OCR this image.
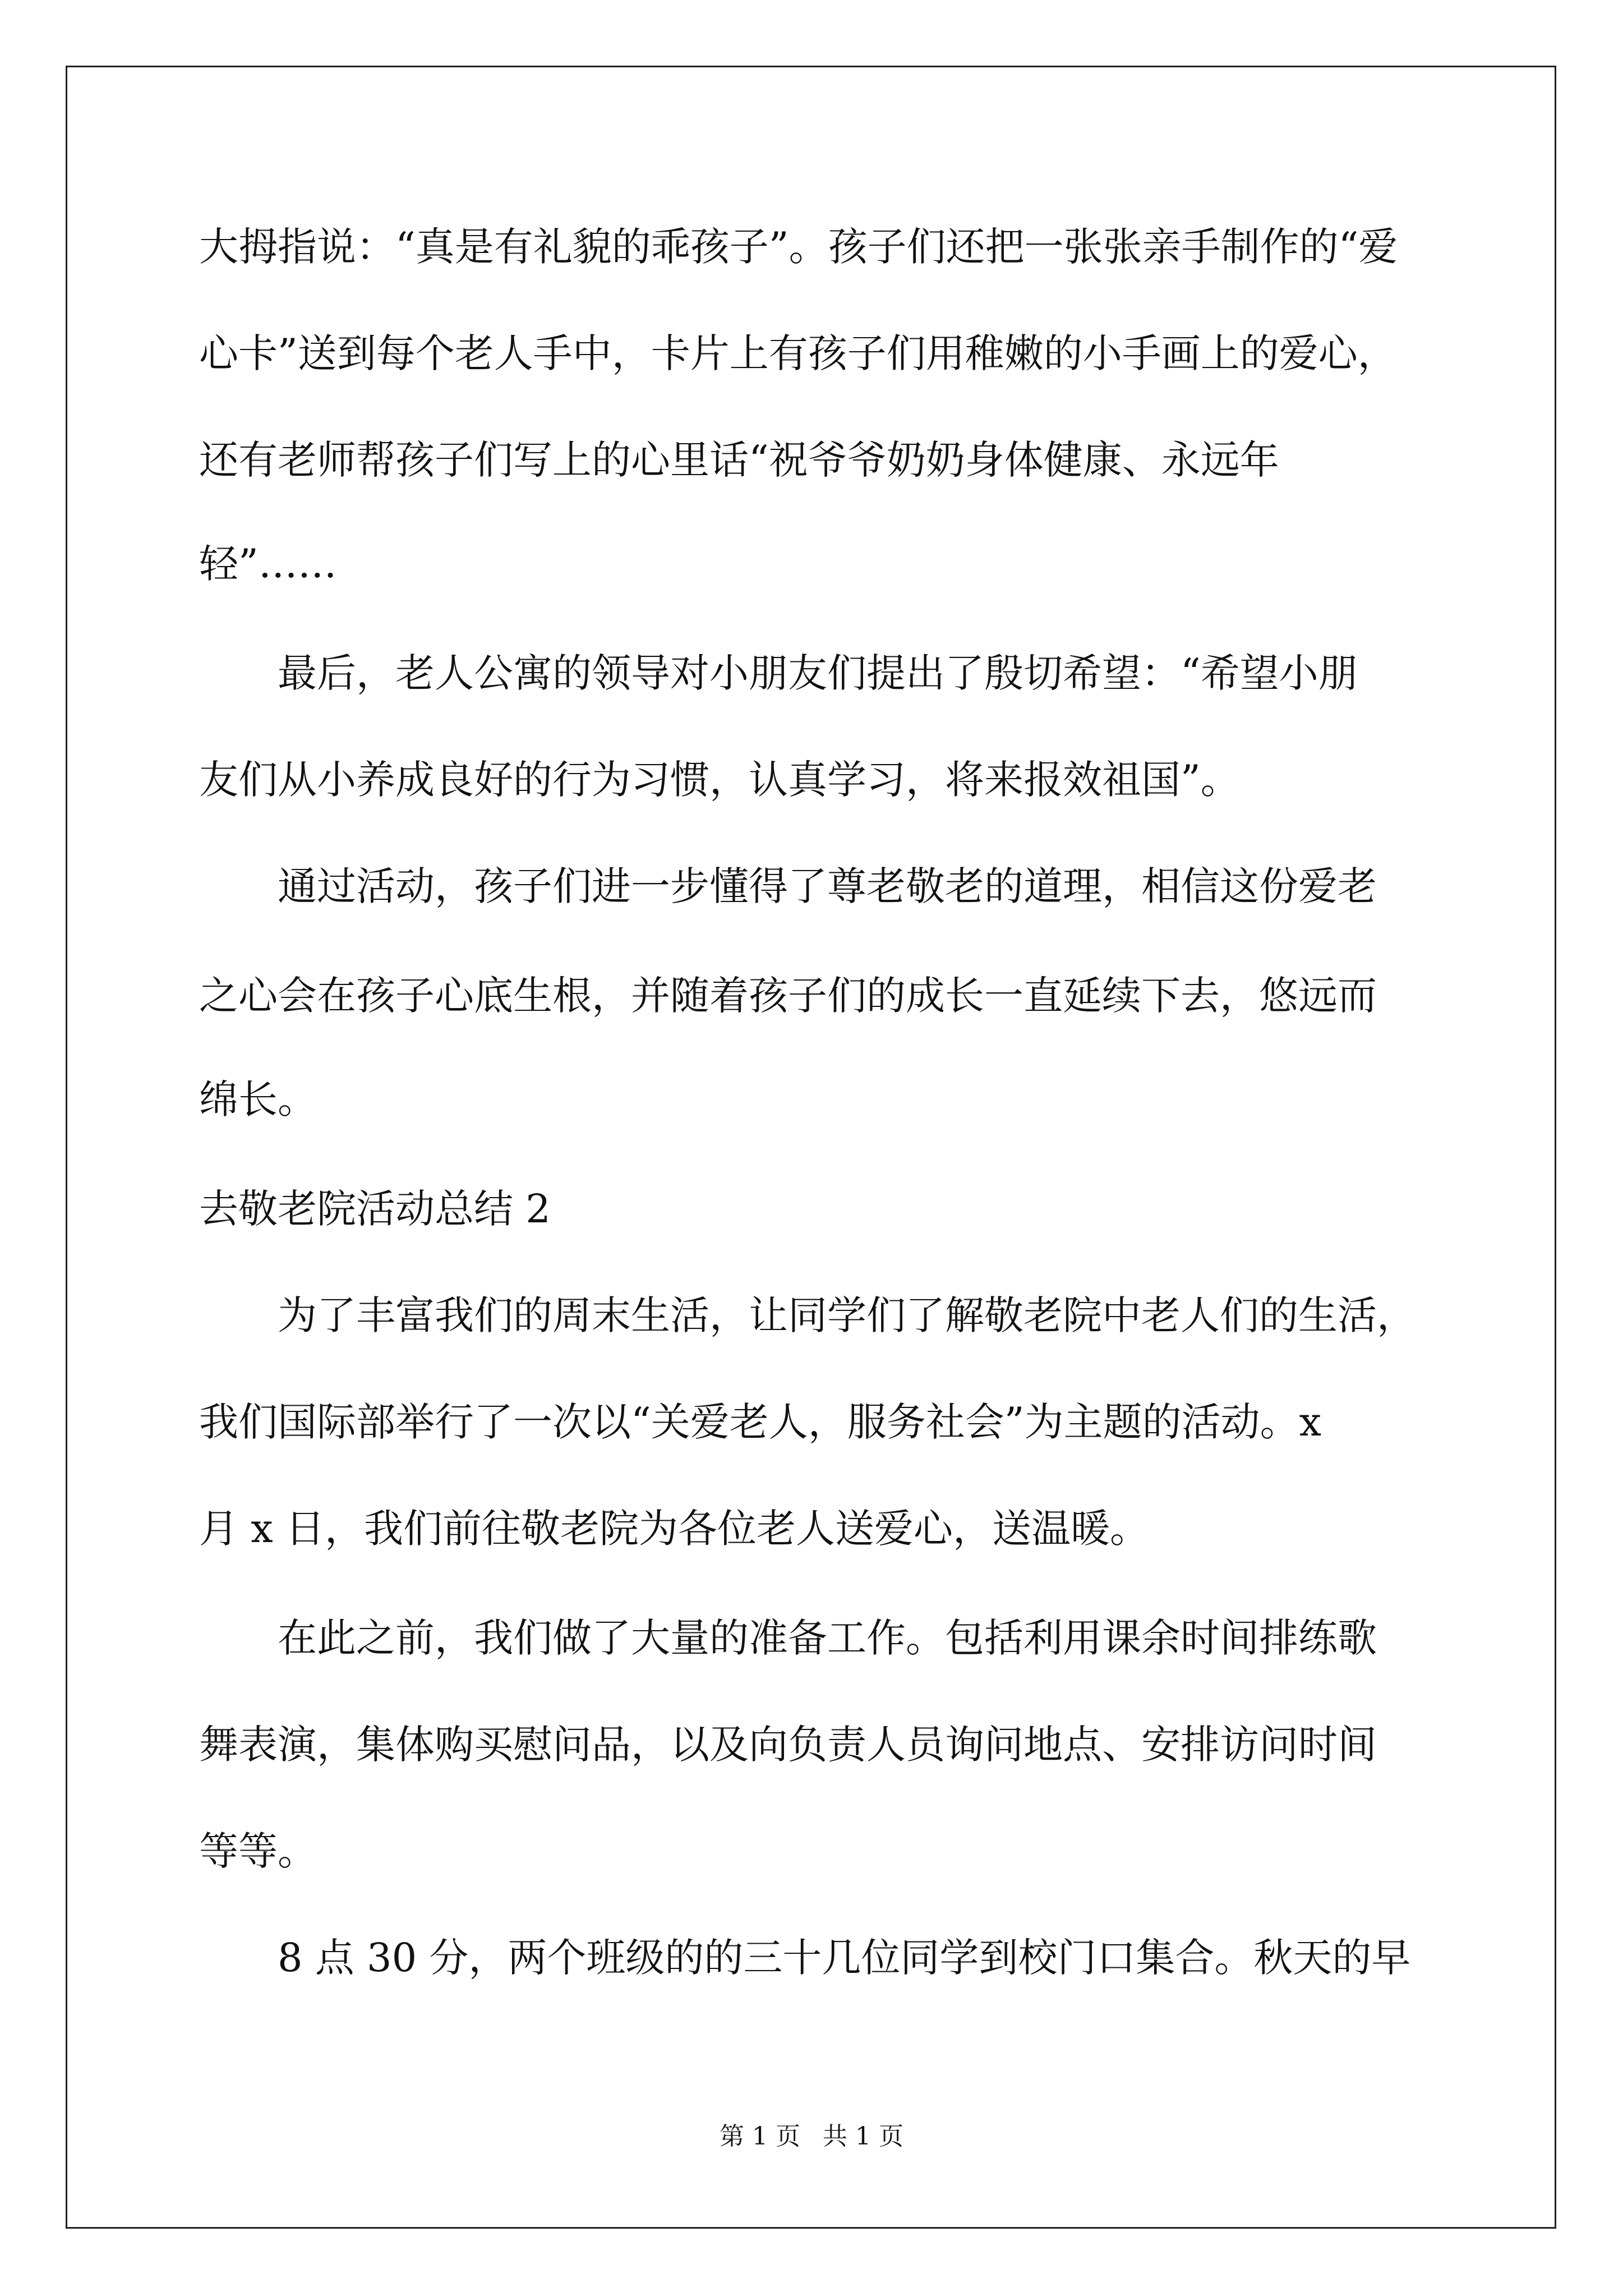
大拇指说：“真是有礼貌的乖孩子”。孩子们还把一张张亲手制作的“爱
心卡”送到每个老人手中，卡片上有孩子们用稚嫩的小手画上的爱心，
还有老师帮孩子们写上的心里话“祝爷爷奶奶身体健康、永远年
轻”……
　　最后，老人公寓的领导对小朋友们提出了殷切希望：“希望小朋
友们从小养成良好的行为习惯，认真学习，将来报效祖国”。
　　通过活动，孩子们进一步懂得了尊老敬老的道理，相信这份爱老
之心会在孩子心底生根，并随着孩子们的成长一直延续下去，悠远而
绵长。
去敬老院活动总结 2
　　为了丰富我们的周末生活，让同学们了解敬老院中老人们的生活，
我们国际部举行了一次以“关爱老人，服务社会”为主题的活动。x
月 x 日，我们前往敬老院为各位老人送爱心，送温暖。
　　在此之前，我们做了大量的准备工作。包括利用课余时间排练歌
舞表演，集体购买慰问品，以及向负责人员询问地点、安排访问时间
等等。
　　8 点 30 分，两个班级的的三十几位同学到校门口集合。秋天的早
第 1 页 共 1 页
